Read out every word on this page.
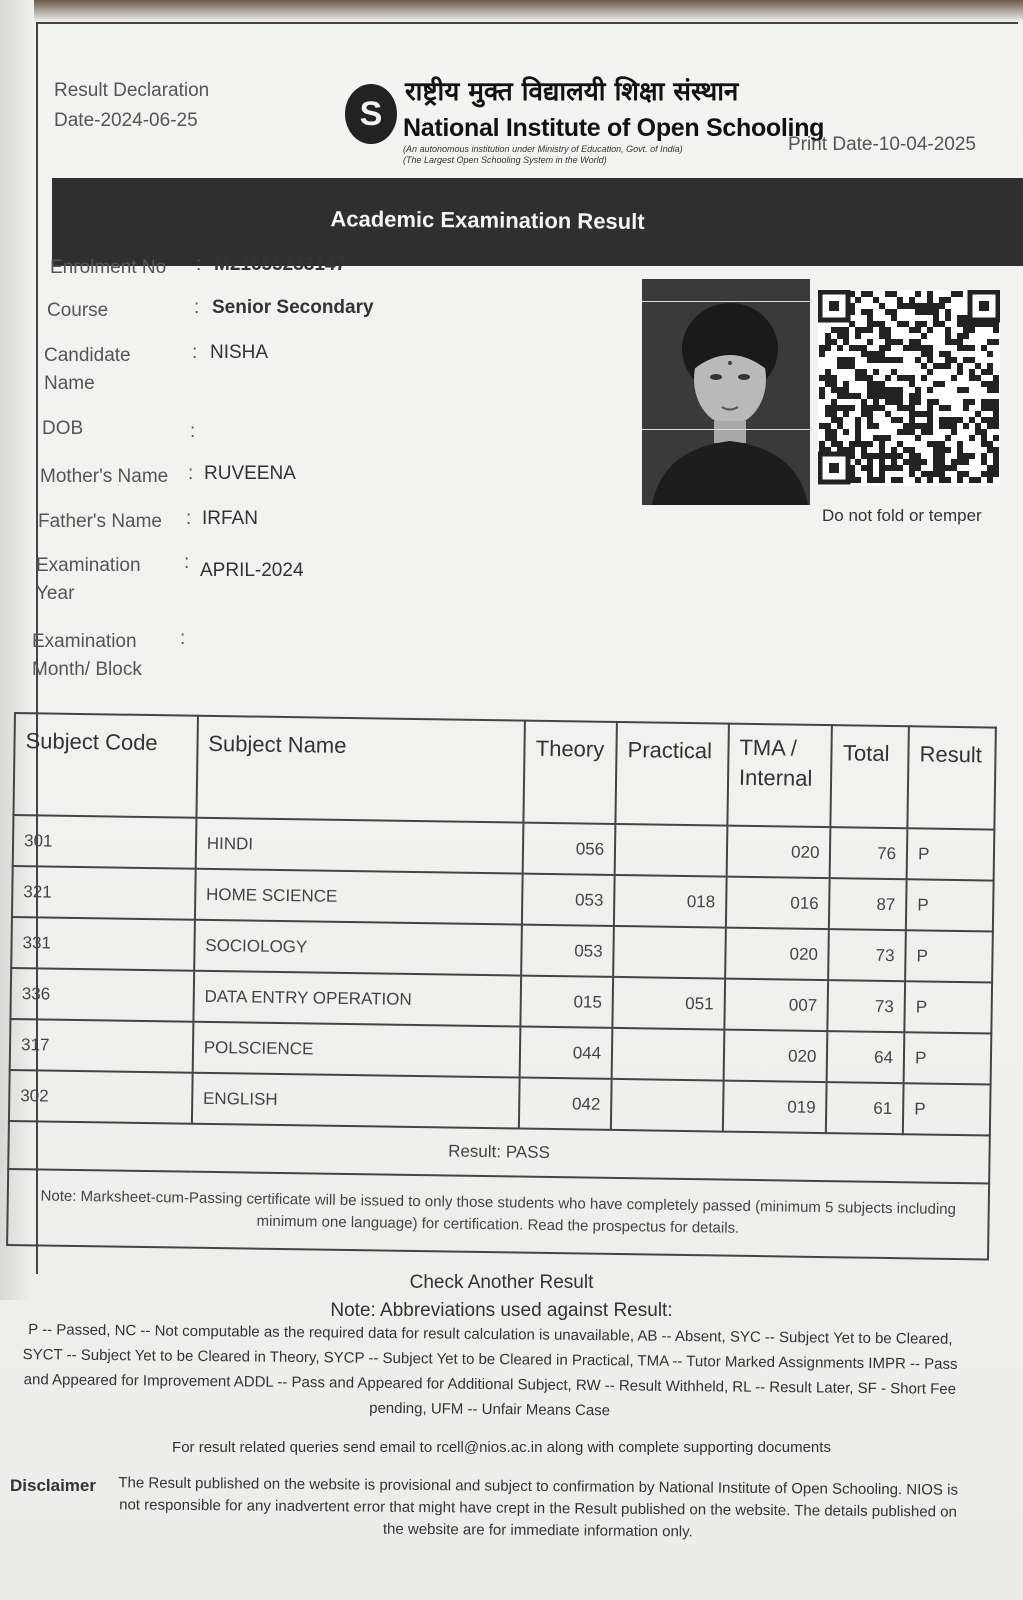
Result Declaration
Date-2024-06-25	S
राष्ट्रीय मुक्त विद्यालयी शिक्षा संस्थान
National Institute of Open Schooling
(An autonomous institution under Ministry of Education, Govt. of India)
(The Largest Open Schooling System in the World)
Print Date-10-04-2025
Academic Examination Result
Enrolment No	: M21655233147
Course	: Senior Secondary
Candidate
Name
: NISHA
DOB	:
Mother's Name	: RUVEENA
Father's Name	: IRFAN
Examination
Year
: APRIL-2024
Examination
Month/ Block
:
Do not fold or temper
Subject Code	Subject Name	Theory	Practical	TMA / Internal	Total	Result
301	HINDI	056		020	76	P
321	HOME SCIENCE	053	018	016	87	P
331	SOCIOLOGY	053		020	73	P
336	DATA ENTRY OPERATION	015	051	007	73	P
317	POLSCIENCE	044		020	64	P
302	ENGLISH	042		019	61	P
Result: PASS						
Note: Marksheet-cum-Passing certificate will be issued to only those students who have completely passed (minimum 5 subjects including minimum one language) for certification. Read the prospectus for details.						
Check Another Result
Note: Abbreviations used against Result:
P -- Passed, NC -- Not computable as the required data for result calculation is unavailable, AB -- Absent, SYC -- Subject Yet to be Cleared, SYCT -- Subject Yet to be Cleared in Theory, SYCP -- Subject Yet to be Cleared in Practical, TMA -- Tutor Marked Assignments IMPR -- Pass and Appeared for Improvement ADDL -- Pass and Appeared for Additional Subject, RW -- Result Withheld, RL -- Result Later, SF - Short Fee pending, UFM -- Unfair Means Case
For result related queries send email to rcell@nios.ac.in along with complete supporting documents
Disclaimer The Result published on the website is provisional and subject to confirmation by National Institute of Open Schooling. NIOS is not responsible for any inadvertent error that might have crept in the Result published on the website. The details published on the website are for immediate information only.
